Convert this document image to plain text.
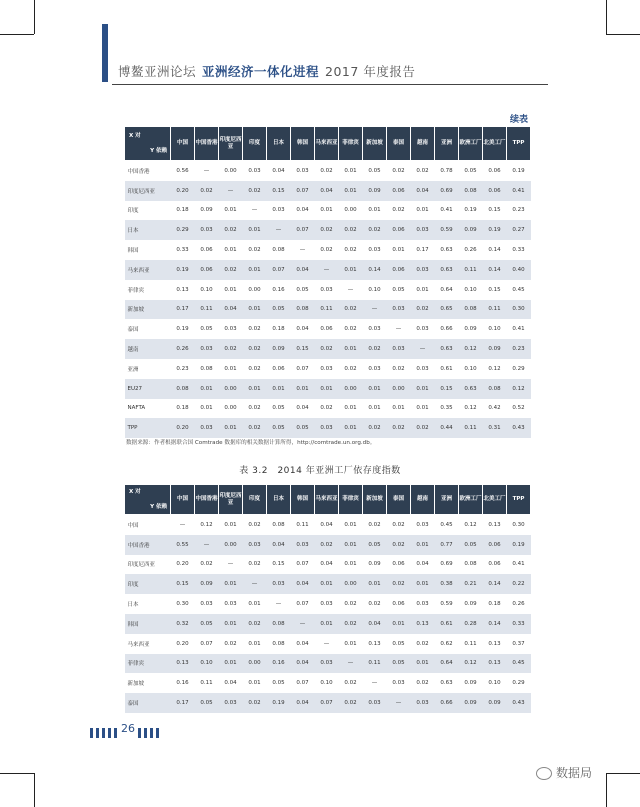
博鳌亚洲论坛 亚洲经济一体化进程 2017 年度报告
续表
Y 依赖
X 对	中国	中国香港	印度尼西亚	印度	日本	韩国	马来西亚	菲律宾	新加坡	泰国	越南	亚洲	欧洲工厂	北美工厂	TPP
中国香港	0.56	—	0.00	0.03	0.04	0.03	0.02	0.01	0.05	0.02	0.02	0.78	0.05	0.06	0.19
印度尼西亚	0.20	0.02	—	0.02	0.15	0.07	0.04	0.01	0.09	0.06	0.04	0.69	0.08	0.06	0.41
印度	0.18	0.09	0.01	—	0.03	0.04	0.01	0.00	0.01	0.02	0.01	0.41	0.19	0.15	0.23
日本	0.29	0.03	0.02	0.01	—	0.07	0.02	0.02	0.02	0.06	0.03	0.59	0.09	0.19	0.27
韩国	0.33	0.06	0.01	0.02	0.08	—	0.02	0.02	0.03	0.01	0.17	0.63	0.26	0.14	0.33
马来西亚	0.19	0.06	0.02	0.01	0.07	0.04	—	0.01	0.14	0.06	0.03	0.63	0.11	0.14	0.40
菲律宾	0.13	0.10	0.01	0.00	0.16	0.05	0.03	—	0.10	0.05	0.01	0.64	0.10	0.15	0.45
新加坡	0.17	0.11	0.04	0.01	0.05	0.08	0.11	0.02	—	0.03	0.02	0.65	0.08	0.11	0.30
泰国	0.19	0.05	0.03	0.02	0.18	0.04	0.06	0.02	0.03	—	0.03	0.66	0.09	0.10	0.41
越南	0.26	0.03	0.02	0.02	0.09	0.15	0.02	0.01	0.02	0.03	—	0.63	0.12	0.09	0.23
亚洲	0.23	0.08	0.01	0.02	0.06	0.07	0.03	0.02	0.03	0.02	0.03	0.61	0.10	0.12	0.29
EU27	0.08	0.01	0.00	0.01	0.01	0.01	0.01	0.00	0.01	0.00	0.01	0.15	0.63	0.08	0.12
NAFTA	0.18	0.01	0.00	0.02	0.05	0.04	0.02	0.01	0.01	0.01	0.01	0.35	0.12	0.42	0.52
TPP	0.20	0.03	0.01	0.02	0.05	0.05	0.03	0.01	0.02	0.02	0.02	0.44	0.11	0.31	0.43
数据来源：作者根据联合国 Comtrade 数据库的相关数据计算所得，http://comtrade.un.org.db。
表 3.2　2014 年亚洲工厂依存度指数
Y 依赖
X 对	中国	中国香港	印度尼西亚	印度	日本	韩国	马来西亚	菲律宾	新加坡	泰国	越南	亚洲	欧洲工厂	北美工厂	TPP
中国	—	0.12	0.01	0.02	0.08	0.11	0.04	0.01	0.02	0.02	0.03	0.45	0.12	0.13	0.30
中国香港	0.55	—	0.00	0.03	0.04	0.03	0.02	0.01	0.05	0.02	0.01	0.77	0.05	0.06	0.19
印度尼西亚	0.20	0.02	—	0.02	0.15	0.07	0.04	0.01	0.09	0.06	0.04	0.69	0.08	0.06	0.41
印度	0.15	0.09	0.01	—	0.03	0.04	0.01	0.00	0.01	0.02	0.01	0.38	0.21	0.14	0.22
日本	0.30	0.03	0.03	0.01	—	0.07	0.03	0.02	0.02	0.06	0.03	0.59	0.09	0.18	0.26
韩国	0.32	0.05	0.01	0.02	0.08	—	0.01	0.02	0.04	0.01	0.13	0.61	0.28	0.14	0.33
马来西亚	0.20	0.07	0.02	0.01	0.08	0.04	—	0.01	0.13	0.05	0.02	0.62	0.11	0.13	0.37
菲律宾	0.13	0.10	0.01	0.00	0.16	0.04	0.03	—	0.11	0.05	0.01	0.64	0.12	0.13	0.45
新加坡	0.16	0.11	0.04	0.01	0.05	0.07	0.10	0.02	—	0.03	0.02	0.63	0.09	0.10	0.29
泰国	0.17	0.05	0.03	0.02	0.19	0.04	0.07	0.02	0.03	—	0.03	0.66	0.09	0.09	0.43
26
数据局
